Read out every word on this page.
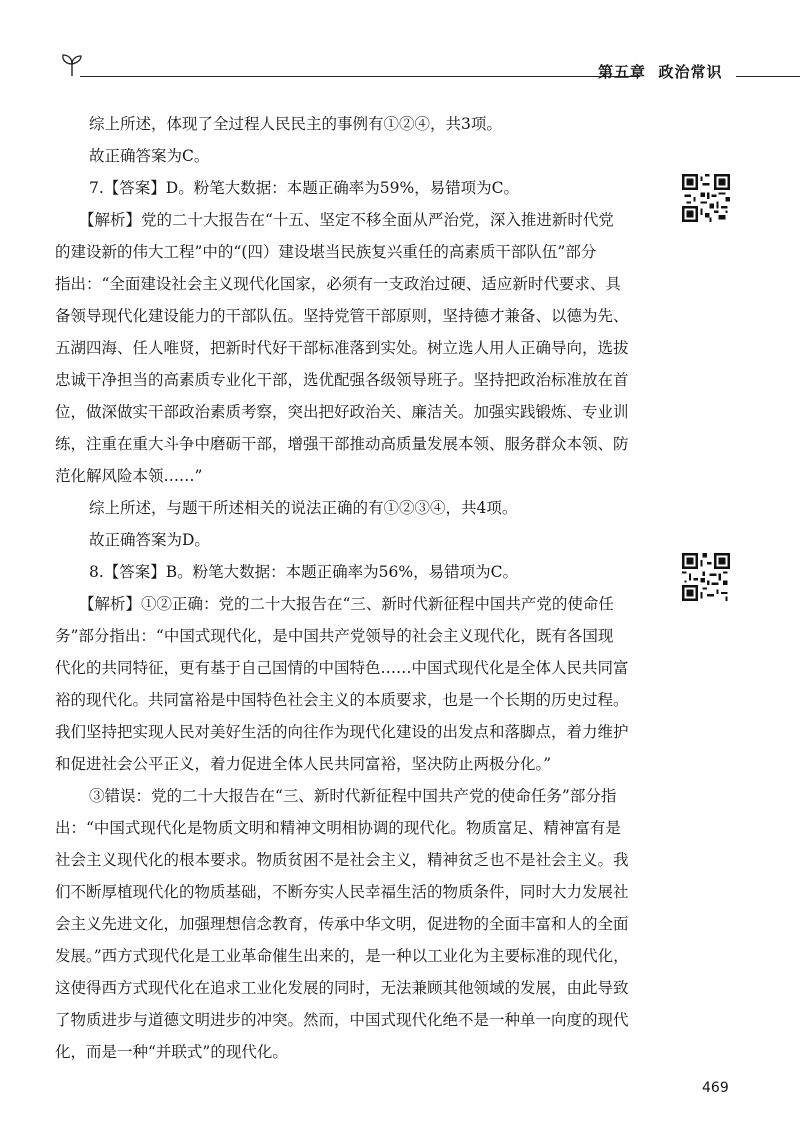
第五章 政治常识

综上所述，体现了全过程人民民主的事例有①②④，共3项。

故正确答案为C。

7.【答案】D。粉笔大数据：本题正确率为59%，易错项为C。

【解析】党的二十大报告在“十五、坚定不移全面从严治党，深入推进新时代党

的建设新的伟大工程”中的“(四）建设堪当民族复兴重任的高素质干部队伍”部分

指出：“全面建设社会主义现代化国家，必须有一支政治过硬、适应新时代要求、具

备领导现代化建设能力的干部队伍。坚持党管干部原则，坚持德才兼备、以德为先、

五湖四海、任人唯贤，把新时代好干部标准落到实处。树立选人用人正确导向，选拔

忠诚干净担当的高素质专业化干部，选优配强各级领导班子。坚持把政治标准放在首

位，做深做实干部政治素质考察，突出把好政治关、廉洁关。加强实践锻炼、专业训

练，注重在重大斗争中磨砺干部，增强干部推动高质量发展本领、服务群众本领、防

范化解风险本领……”

综上所述，与题干所述相关的说法正确的有①②③④，共4项。

故正确答案为D。

8.【答案】B。粉笔大数据：本题正确率为56%，易错项为C。

【解析】①②正确：党的二十大报告在“三、新时代新征程中国共产党的使命任

务”部分指出：“中国式现代化，是中国共产党领导的社会主义现代化，既有各国现

代化的共同特征，更有基于自己国情的中国特色……中国式现代化是全体人民共同富

裕的现代化。共同富裕是中国特色社会主义的本质要求，也是一个长期的历史过程。

我们坚持把实现人民对美好生活的向往作为现代化建设的出发点和落脚点，着力维护

和促进社会公平正义，着力促进全体人民共同富裕，坚决防止两极分化。”

③错误：党的二十大报告在“三、新时代新征程中国共产党的使命任务”部分指

出：“中国式现代化是物质文明和精神文明相协调的现代化。物质富足、精神富有是

社会主义现代化的根本要求。物质贫困不是社会主义，精神贫乏也不是社会主义。我

们不断厚植现代化的物质基础，不断夯实人民幸福生活的物质条件，同时大力发展社

会主义先进文化，加强理想信念教育，传承中华文明，促进物的全面丰富和人的全面

发展。”西方式现代化是工业革命催生出来的，是一种以工业化为主要标准的现代化，

这使得西方式现代化在追求工业化发展的同时，无法兼顾其他领域的发展，由此导致

了物质进步与道德文明进步的冲突。然而，中国式现代化绝不是一种单一向度的现代

化，而是一种“并联式”的现代化。

469
